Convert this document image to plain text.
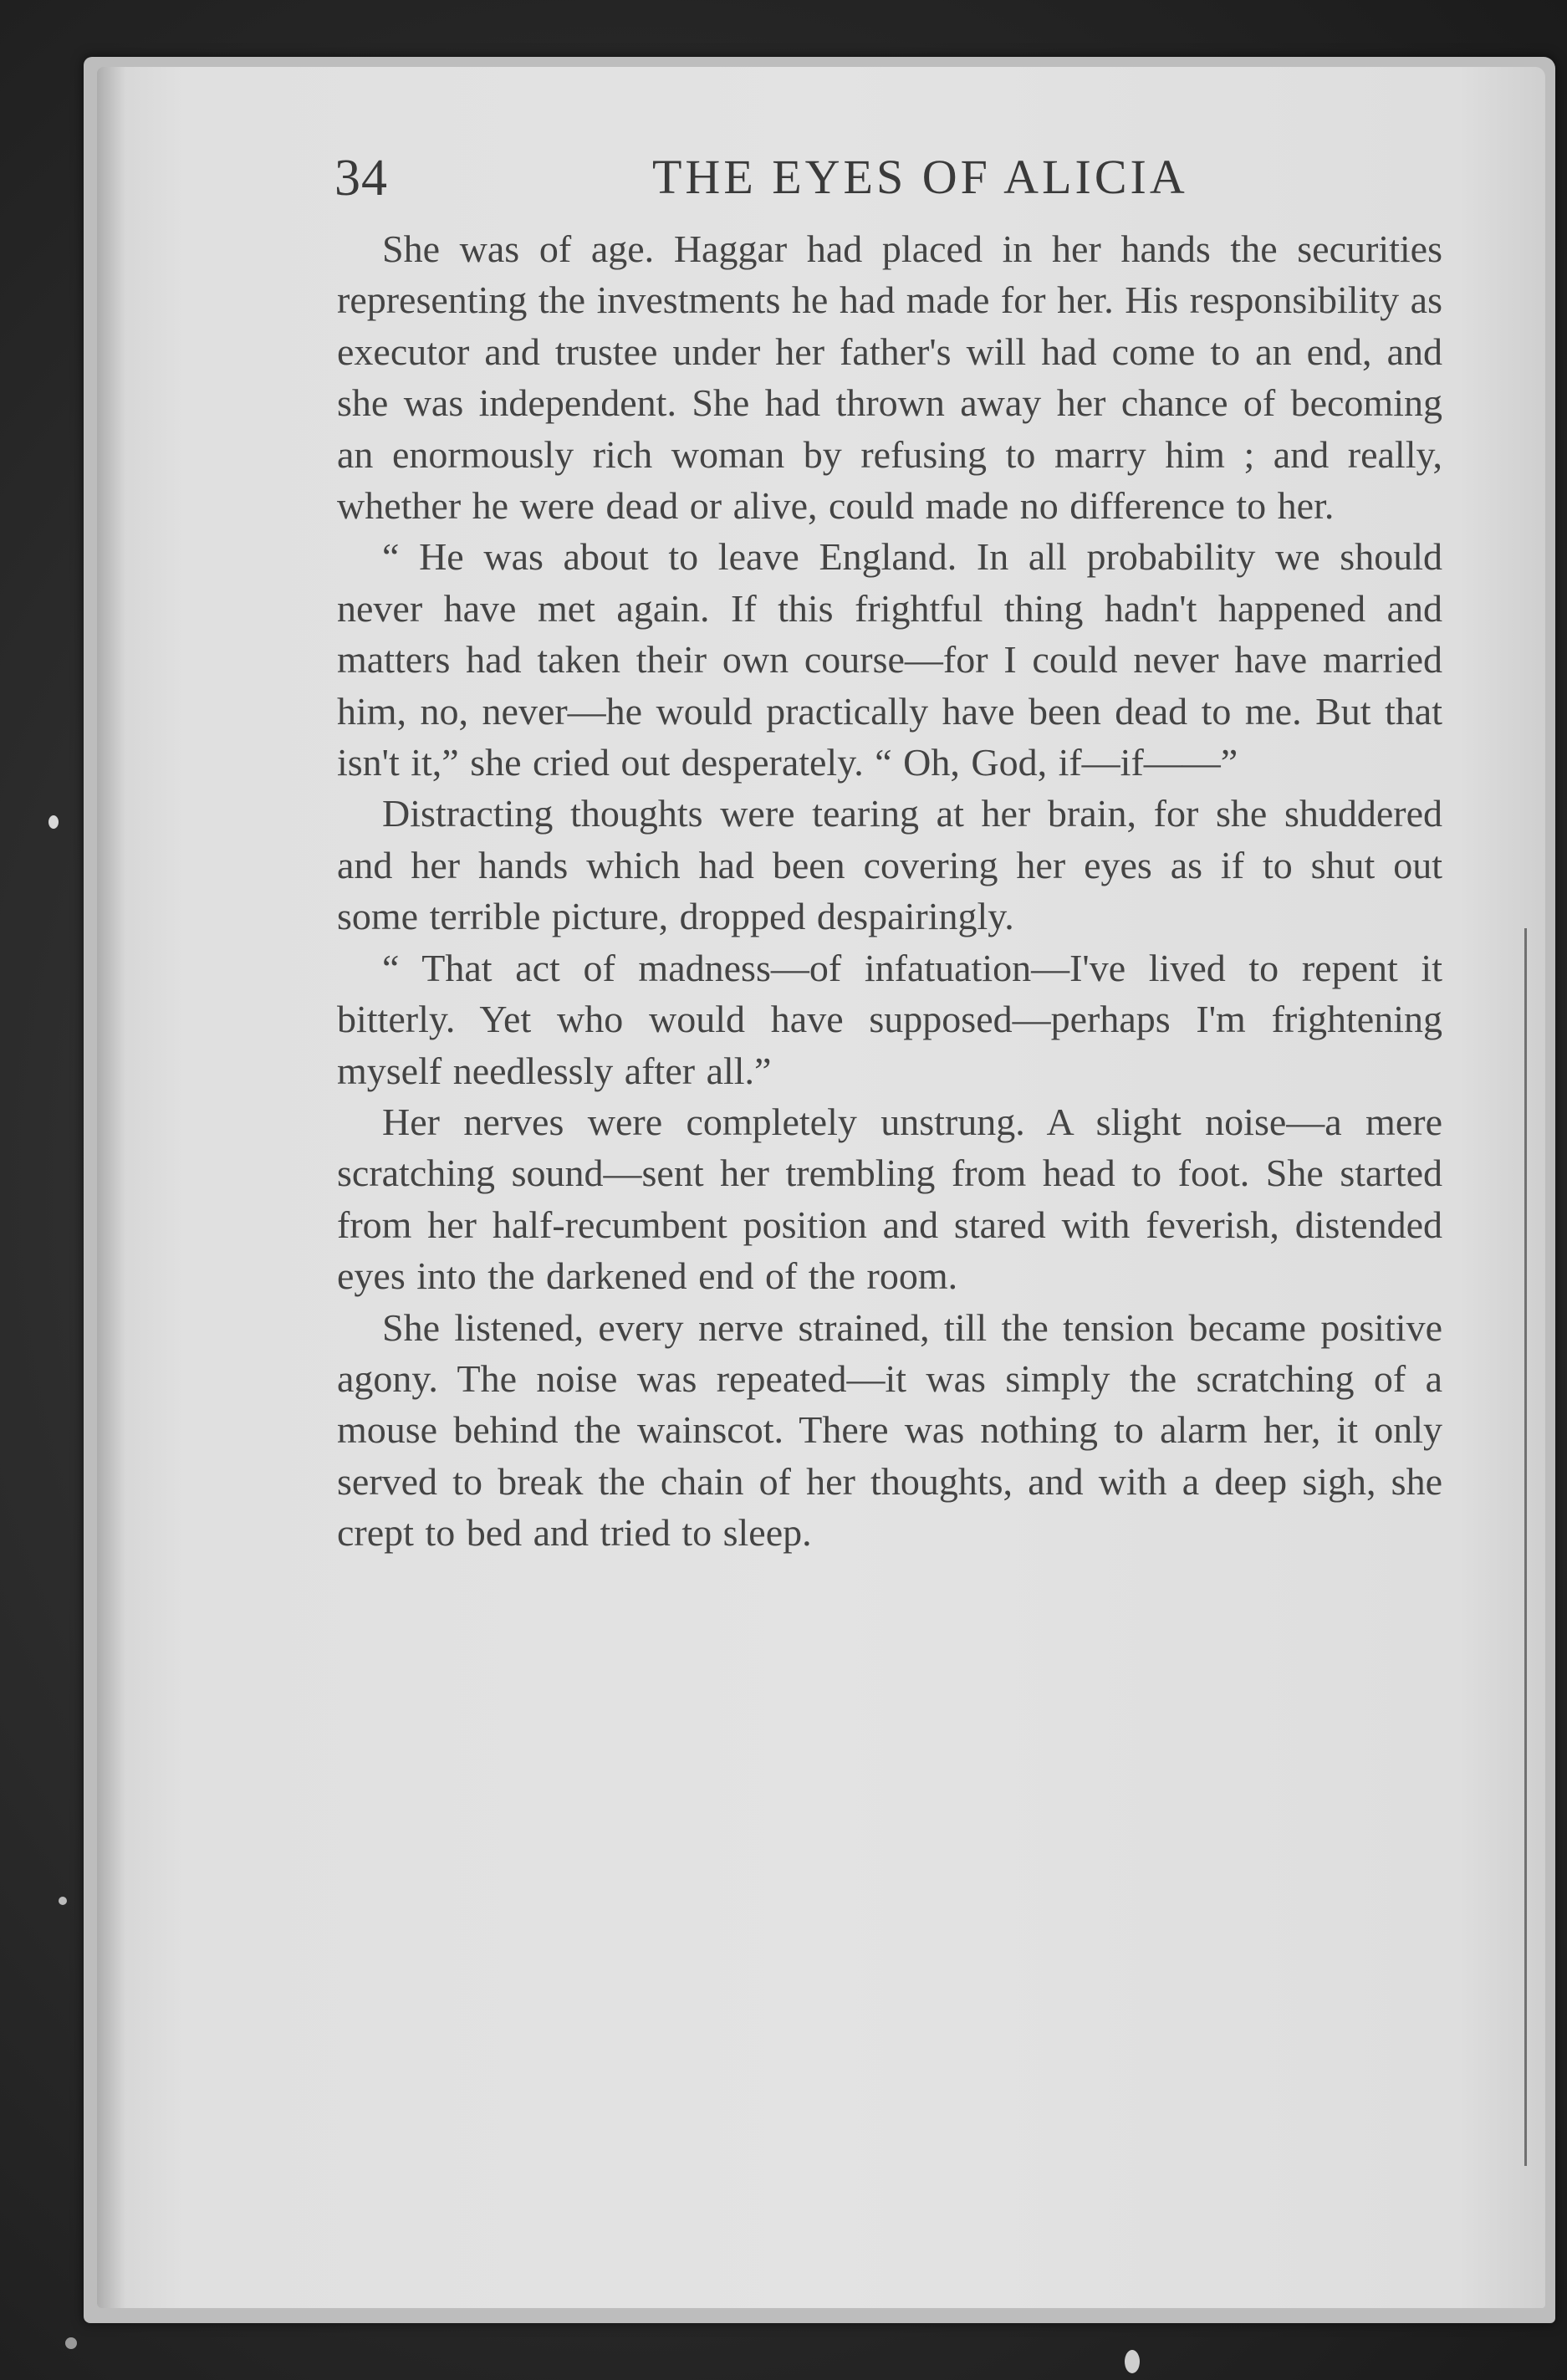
34	THE EYES OF ALICIA

She was of age. Haggar had placed in her hands the securities representing the investments he had made for her. His responsibility as executor and trustee under her father's will had come to an end, and she was independent. She had thrown away her chance of becoming an enormously rich woman by refusing to marry him ; and really, whether he were dead or alive, could made no difference to her.

“ He was about to leave England. In all probability we should never have met again. If this frightful thing hadn't happened and matters had taken their own course—for I could never have married him, no, never—he would practically have been dead to me. But that isn't it,” she cried out desperately. “ Oh, God, if—if——”

Distracting thoughts were tearing at her brain, for she shuddered and her hands which had been covering her eyes as if to shut out some terrible picture, dropped despairingly.

“ That act of madness—of infatuation—I've lived to repent it bitterly. Yet who would have supposed—perhaps I'm frightening myself needlessly after all.”

Her nerves were completely unstrung. A slight noise—a mere scratching sound—sent her trembling from head to foot. She started from her half-recumbent position and stared with feverish, distended eyes into the darkened end of the room.

She listened, every nerve strained, till the tension became positive agony. The noise was repeated—it was simply the scratching of a mouse behind the wainscot. There was nothing to alarm her, it only served to break the chain of her thoughts, and with a deep sigh, she crept to bed and tried to sleep.
